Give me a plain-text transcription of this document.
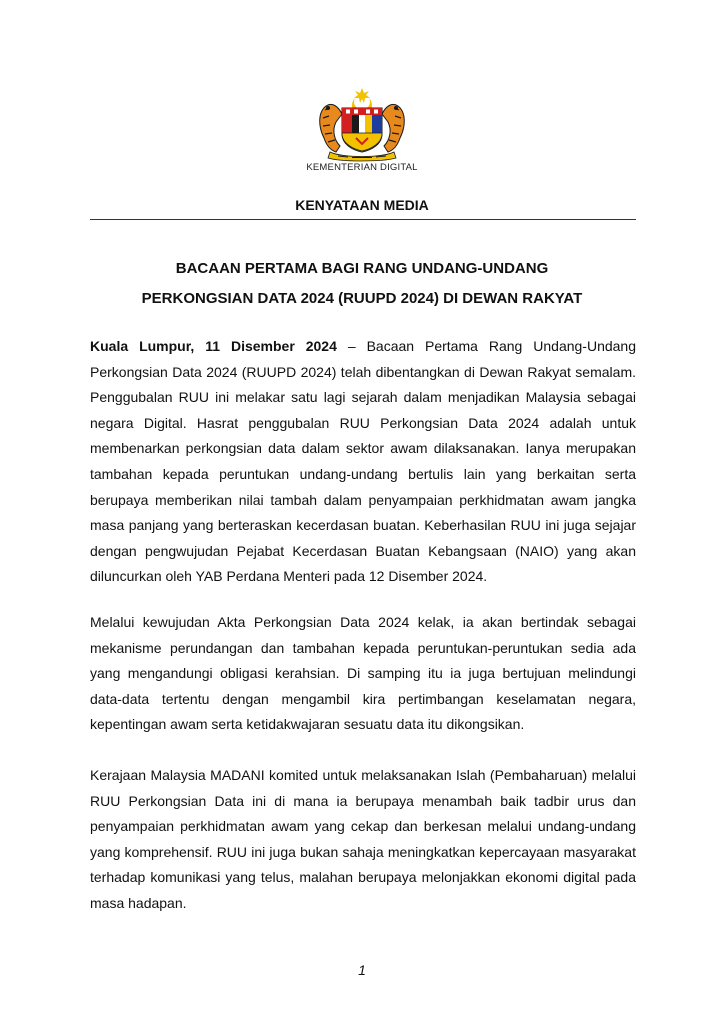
KEMENTERIAN DIGITAL
KENYATAAN MEDIA
BACAAN PERTAMA BAGI RANG UNDANG-UNDANG
PERKONGSIAN DATA 2024 (RUUPD 2024) DI DEWAN RAKYAT
Kuala Lumpur, 11 Disember 2024 – Bacaan Pertama Rang Undang-Undang Perkongsian Data 2024 (RUUPD 2024) telah dibentangkan di Dewan Rakyat semalam. Penggubalan RUU ini melakar satu lagi sejarah dalam menjadikan Malaysia sebagai negara Digital. Hasrat penggubalan RUU Perkongsian Data 2024 adalah untuk membenarkan perkongsian data dalam sektor awam dilaksanakan. Ianya merupakan tambahan kepada peruntukan undang-undang bertulis lain yang berkaitan serta berupaya memberikan nilai tambah dalam penyampaian perkhidmatan awam jangka masa panjang yang berteraskan kecerdasan buatan. Keberhasilan RUU ini juga sejajar dengan pengwujudan Pejabat Kecerdasan Buatan Kebangsaan (NAIO) yang akan diluncurkan oleh YAB Perdana Menteri pada 12 Disember 2024.
Melalui kewujudan Akta Perkongsian Data 2024 kelak, ia akan bertindak sebagai mekanisme perundangan dan tambahan kepada peruntukan-peruntukan sedia ada yang mengandungi obligasi kerahsian. Di samping itu ia juga bertujuan melindungi data-data tertentu dengan mengambil kira pertimbangan keselamatan negara, kepentingan awam serta ketidakwajaran sesuatu data itu dikongsikan.
Kerajaan Malaysia MADANI komited untuk melaksanakan Islah (Pembaharuan) melalui RUU Perkongsian Data ini di mana ia berupaya menambah baik tadbir urus dan penyampaian perkhidmatan awam yang cekap dan berkesan melalui undang-undang yang komprehensif. RUU ini juga bukan sahaja meningkatkan kepercayaan masyarakat terhadap komunikasi yang telus, malahan berupaya melonjakkan ekonomi digital pada masa hadapan.
1
